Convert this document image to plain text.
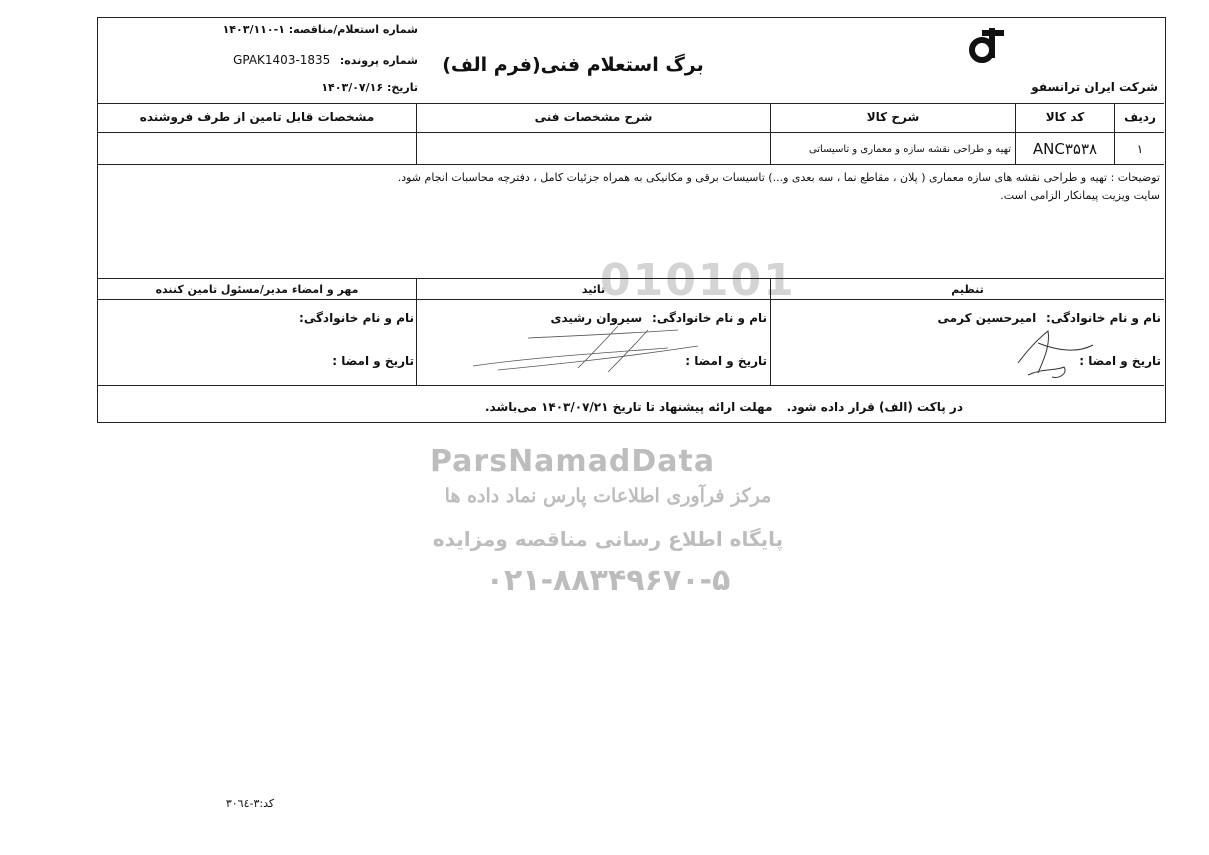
010101
ParsNamadData
مرکز فرآوری اطلاعات پارس نماد داده ها
پایگاه اطلاع رسانی مناقصه ومزایده
۰۲۱-۸۸۳۴۹۶۷۰-۵
شرکت ایران ترانسفو
برگ استعلام فنی(فرم الف)
شماره استعلام/مناقصه: ۱-۱۴۰۳/۱۱۰
شماره پرونده: GPAK1403-1835
تاریخ: ۱۴۰۳/۰۷/۱۶
ردیف
کد کالا
شرح کالا
شرح مشخصات فنی
مشخصات قابل تامین از طرف فروشنده
۱
ANC۳۵۳۸
تهیه و طراحی نقشه سازه و معماری و تاسیساتی
توضیحات : تهیه و طراحی نقشه های سازه معماری ( پلان ، مقاطع نما ، سه بعدی و...) تاسیسات برقی و مکانیکی به همراه جزئیات کامل ، دفترچه محاسبات انجام شود.
سایت ویزیت پیمانکار الزامی است.
تنظیم
تائید
مهر و امضاء مدیر/مسئول تامین کننده
نام و نام خانوادگی: امیرحسین کرمی
تاریخ و امضا :
نام و نام خانوادگی: سیروان رشیدی
تاریخ و امضا :
نام و نام خانوادگی:
تاریخ و امضا :
در پاکت (الف) قرار داده شود. مهلت ارائه پیشنهاد تا تاریخ ۱۴۰۳/۰۷/۲۱ می‌باشد.
کد:۳-۳۰٦٤
